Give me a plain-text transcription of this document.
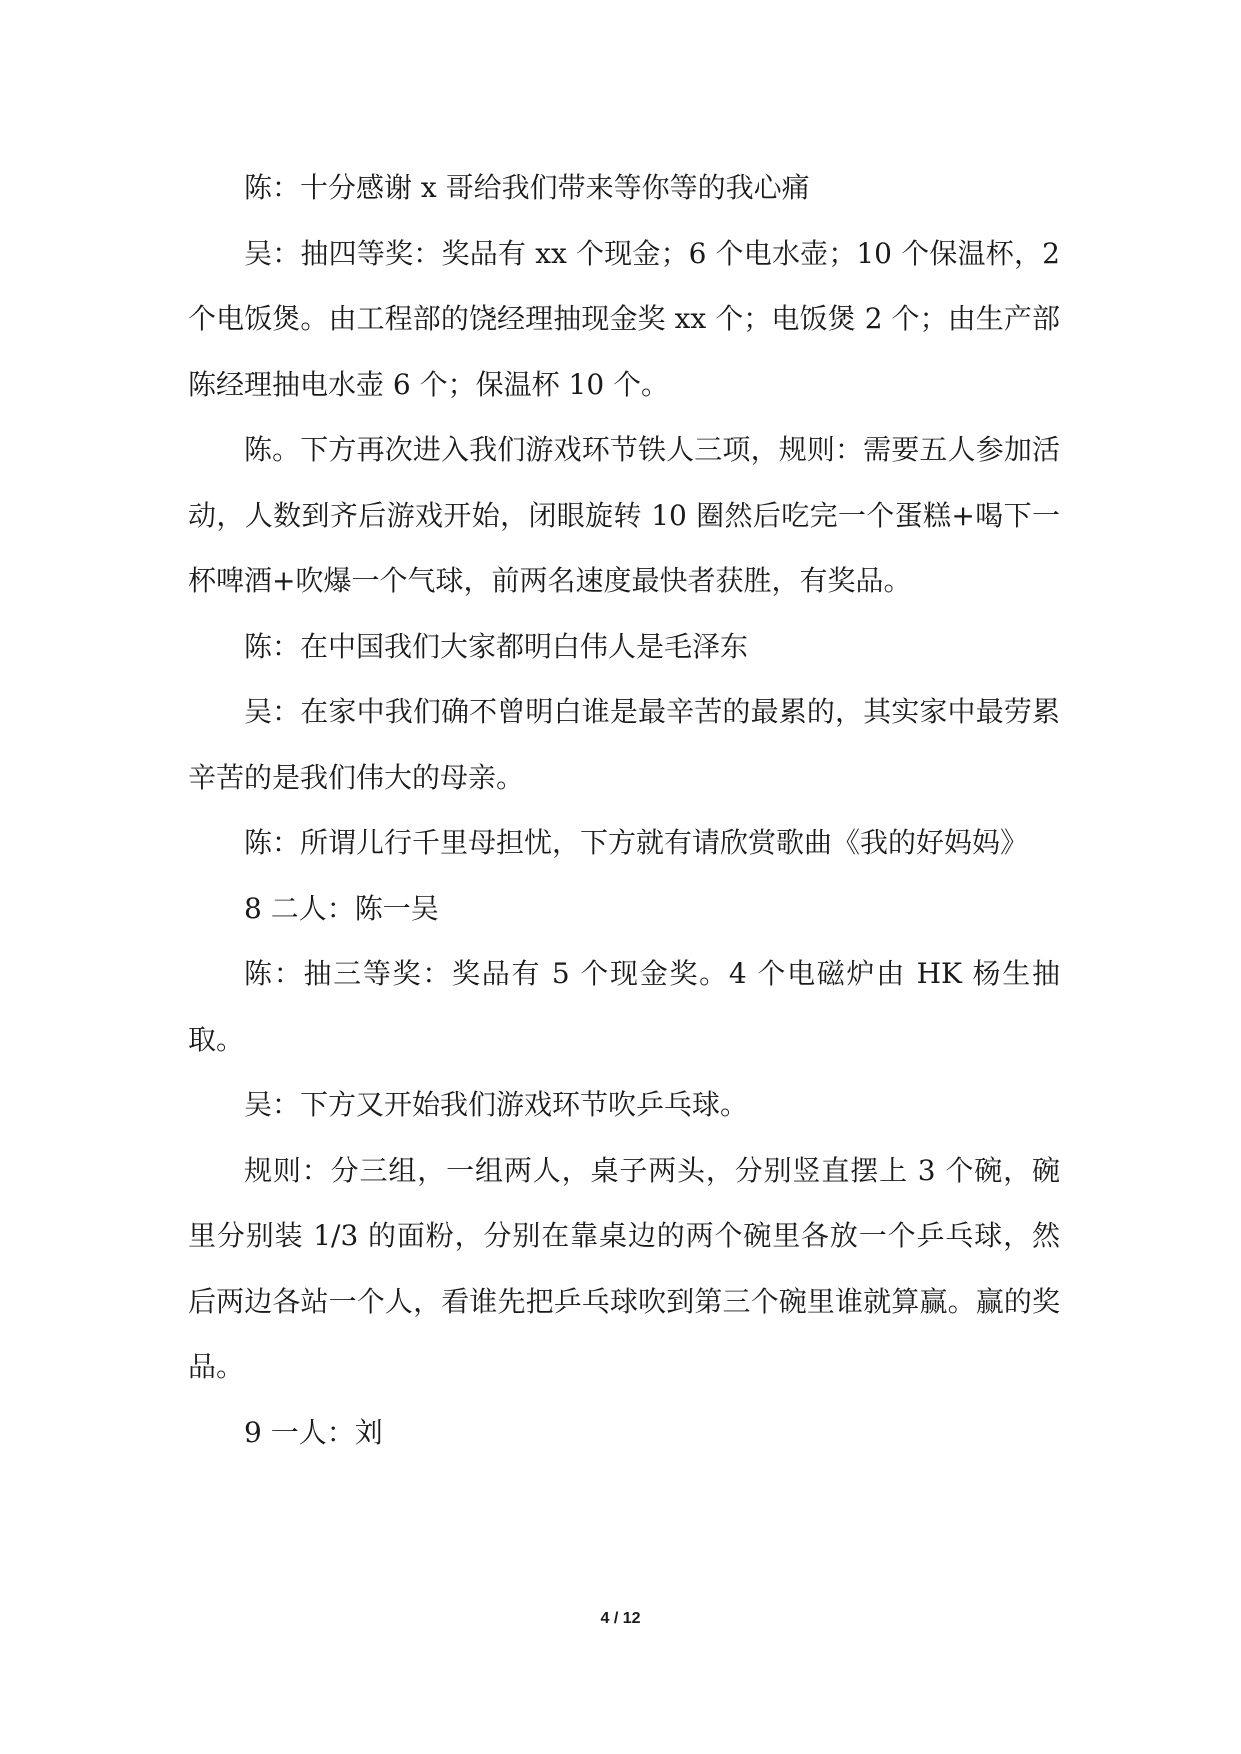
陈：十分感谢 x 哥给我们带来等你等的我心痛

吴：抽四等奖：奖品有 xx 个现金；6 个电水壶；10 个保温杯，2 个电饭煲。由工程部的饶经理抽现金奖 xx 个；电饭煲 2 个；由生产部陈经理抽电水壶 6 个；保温杯 10 个。

陈。下方再次进入我们游戏环节铁人三项，规则：需要五人参加活动，人数到齐后游戏开始，闭眼旋转 10 圈然后吃完一个蛋糕+喝下一杯啤酒+吹爆一个气球，前两名速度最快者获胜，有奖品。

陈：在中国我们大家都明白伟人是毛泽东

吴：在家中我们确不曾明白谁是最辛苦的最累的，其实家中最劳累辛苦的是我们伟大的母亲。

陈：所谓儿行千里母担忧，下方就有请欣赏歌曲《我的好妈妈》

8 二人：陈一吴

陈：抽三等奖：奖品有 5 个现金奖。4 个电磁炉由 HK 杨生抽取。

吴：下方又开始我们游戏环节吹乒乓球。

规则：分三组，一组两人，桌子两头，分别竖直摆上 3 个碗，碗里分别装 1/3 的面粉，分别在靠桌边的两个碗里各放一个乒乓球，然后两边各站一个人，看谁先把乒乓球吹到第三个碗里谁就算赢。赢的奖品。

9 一人：刘

4 / 12
